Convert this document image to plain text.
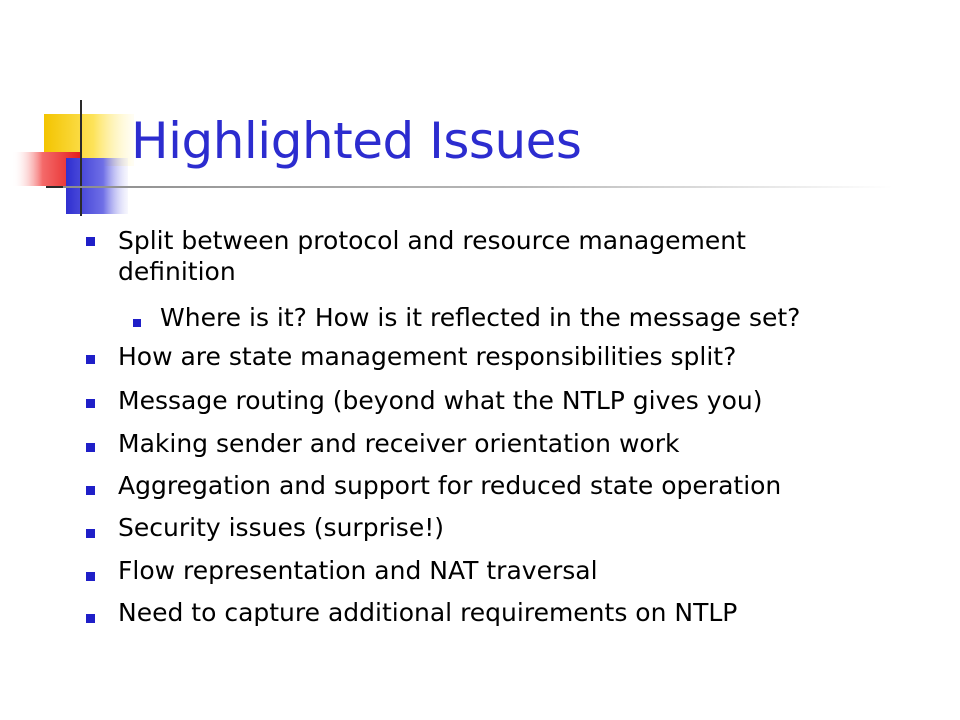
Highlighted Issues
Split between protocol and resource management
definition
Where is it? How is it reflected in the message set?
How are state management responsibilities split?
Message routing (beyond what the NTLP gives you)
Making sender and receiver orientation work
Aggregation and support for reduced state operation
Security issues (surprise!)
Flow representation and NAT traversal
Need to capture additional requirements on NTLP
